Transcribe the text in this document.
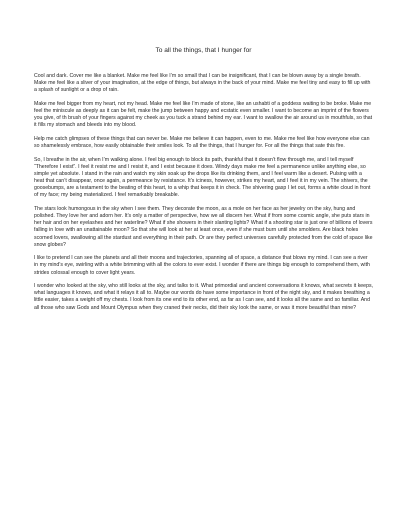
To all the things, that I hunger for

Cool and dark. Cover me like a blanket. Make me feel like I’m so small that I can be insignificant, that I can be blown away by a single breath. Make me feel like a sliver of your imagination, at the edge of things, but always in the back of your mind. Make me feel tiny and easy to fill up with a splash of sunlight or a drop of rain.

Make me feel bigger from my heart, not my head. Make me feel like I’m made of stone, like an ushabti of a goddess waiting to be broke. Make me feel the miniscule as deeply as it can be felt, make the jump between happy and ecstatic even smaller. I want to become an imprint of the flowers you give, of th brush of your fingers against my cheek as you tuck a strand behind my ear. I want to swallow the air around us in mouthfuls, so that it fills my stomach and bleeds into my blood.

Help me catch glimpses of these things that can never be. Make me believe it can happen, even to me. Make me feel like how everyone else can so shamelessly embrace, how easily obtainable their smiles look. To all the things, that I hunger for. For all the things that sate this fire.

So, I breathe in the air, when I’m walking alone. I feel big enough to block its path, thankful that it doesn’t flow through me, and I tell myself “Therefore I exist”. I feel it resist me and I resist it, and I exist because it does. Windy days make me feel a permanence unlike anything else, so simple yet absolute. I stand in the rain and watch my skin soak up the drops like its drinking them, and I feel warm like a desert. Pulsing with a heat that can’t disappear, once again, a permeance by resistance. It’s iciness, however, strikes my heart, and I feel it in my vein. The shivers, the goosebumps, are a testament to the beating of this heart, to a whip that keeps it in check. The shivering gasp I let out, forms a white cloud in front of my face; my being materialized. I feel remarkably breakable.

The stars look humongous in the sky when I see them. They decorate the moon, as a mole on her face as her jewelry on the sky, hung and polished. They love her and adorn her. It’s only a matter of perspective, how we all discern her. What if from some cosmic angle, she puts stars in her hair and on her eyelashes and her waterline? What if she showers in their slanting lights? What if a shooting star is just one of billions of lovers falling in love with an unattainable moon? So that she will look at her at least once, even if she must burn until she smolders. Are black holes scorned lovers, swallowing all the stardust and everything in their path. Or are they perfect universes carefully protected from the cold of space like snow globes?

I like to pretend I can see the planets and all their moons and trajectories, spanning all of space, a distance that blows my mind. I can see a river in my mind’s eye, swirling with a white brimming with all the colors to ever exist. I wonder if there are things big enough to comprehend them, with strides colossal enough to cover light years.

I wonder who looked at the sky, who still looks at the sky, and talks to it. What primordial and ancient conversations it knows, what secrets it keeps, what languages it knows, and what it relays it all to. Maybe our words do have some importance in front of the night sky, and it makes breathing a little easier, takes a weight off my chests. I look from its one end to its other end, as far as I can see, and it looks all the same and so familiar. And all those who saw Gods and Mount Olympus when they craned their necks, did their sky look the same, or was it more beautiful than mine?
